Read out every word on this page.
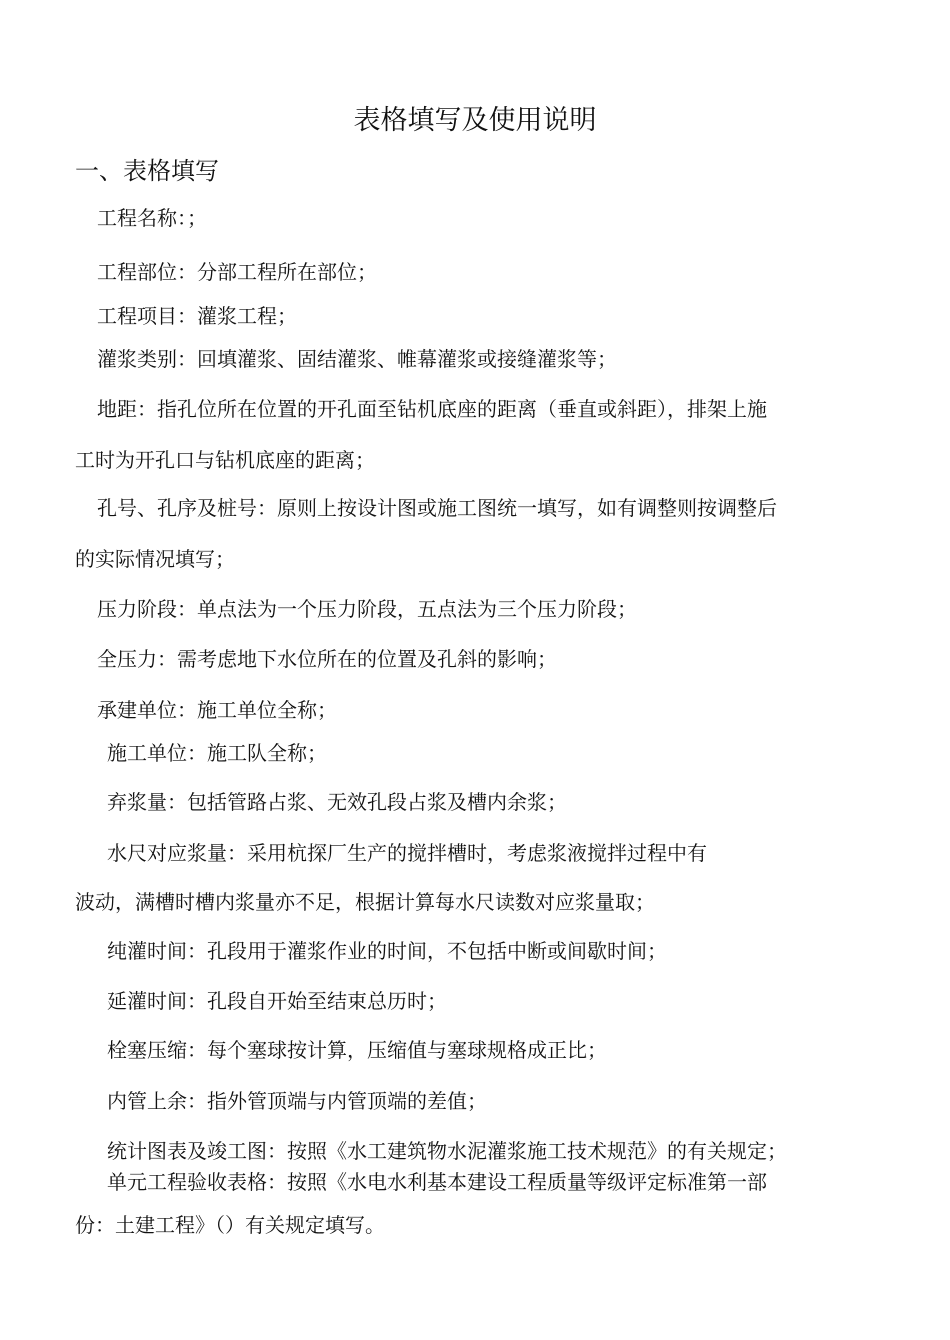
表格填写及使用说明
一、表格填写
工程名称：；
工程部位：分部工程所在部位；
工程项目：灌浆工程；
灌浆类别：回填灌浆、固结灌浆、帷幕灌浆或接缝灌浆等；
地距：指孔位所在位置的开孔面至钻机底座的距离（垂直或斜距），排架上施
工时为开孔口与钻机底座的距离；
孔号、孔序及桩号：原则上按设计图或施工图统一填写，如有调整则按调整后
的实际情况填写；
压力阶段：单点法为一个压力阶段，五点法为三个压力阶段；
全压力：需考虑地下水位所在的位置及孔斜的影响；
承建单位：施工单位全称；
施工单位：施工队全称；
弃浆量：包括管路占浆、无效孔段占浆及槽内余浆；
水尺对应浆量：采用杭探厂生产的搅拌槽时，考虑浆液搅拌过程中有
波动，满槽时槽内浆量亦不足，根据计算每水尺读数对应浆量取；
纯灌时间：孔段用于灌浆作业的时间，不包括中断或间歇时间；
延灌时间：孔段自开始至结束总历时；
栓塞压缩：每个塞球按计算，压缩值与塞球规格成正比；
内管上余：指外管顶端与内管顶端的差值；
统计图表及竣工图：按照《水工建筑物水泥灌浆施工技术规范》的有关规定；
单元工程验收表格：按照《水电水利基本建设工程质量等级评定标准第一部
份：土建工程》（）有关规定填写。
